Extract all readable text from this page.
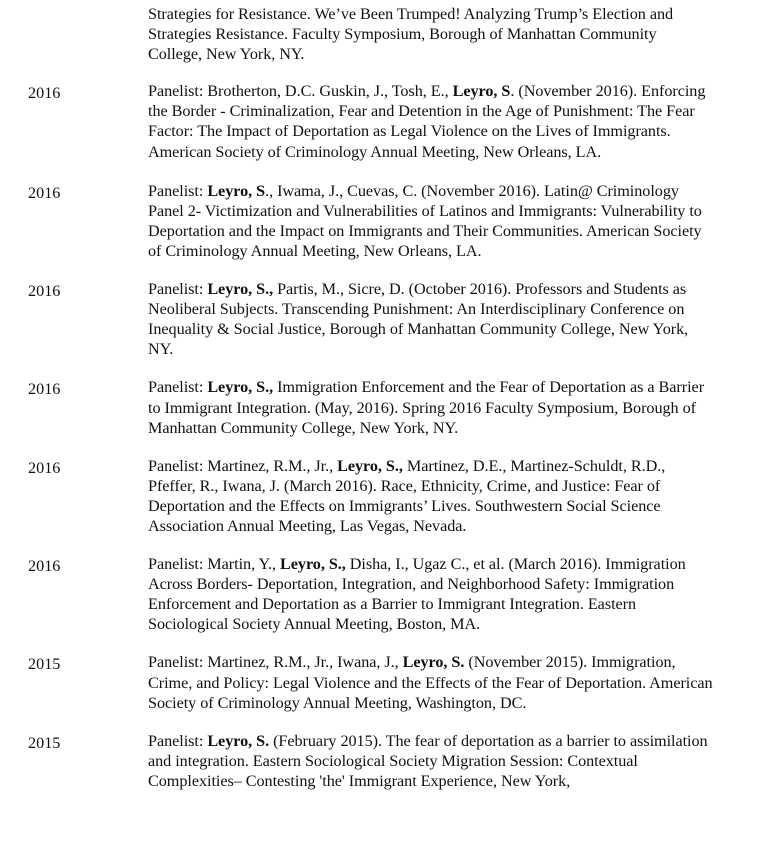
Strategies for Resistance. We’ve Been Trumped! Analyzing Trump’s Election and Strategies Resistance. Faculty Symposium, Borough of Manhattan Community College, New York, NY.
2016	Panelist: Brotherton, D.C. Guskin, J., Tosh, E., Leyro, S. (November 2016). Enforcing the Border - Criminalization, Fear and Detention in the Age of Punishment: The Fear Factor: The Impact of Deportation as Legal Violence on the Lives of Immigrants. American Society of Criminology Annual Meeting, New Orleans, LA.
2016	Panelist: Leyro, S., Iwama, J., Cuevas, C. (November 2016). Latin@ Criminology Panel 2- Victimization and Vulnerabilities of Latinos and Immigrants: Vulnerability to Deportation and the Impact on Immigrants and Their Communities. American Society of Criminology Annual Meeting, New Orleans, LA.
2016	Panelist: Leyro, S., Partis, M., Sicre, D. (October 2016). Professors and Students as Neoliberal Subjects. Transcending Punishment: An Interdisciplinary Conference on Inequality & Social Justice, Borough of Manhattan Community College, New York, NY.
2016	Panelist: Leyro, S., Immigration Enforcement and the Fear of Deportation as a Barrier to Immigrant Integration. (May, 2016). Spring 2016 Faculty Symposium, Borough of Manhattan Community College, New York, NY.
2016	Panelist: Martinez, R.M., Jr., Leyro, S., Martinez, D.E., Martinez-Schuldt, R.D., Pfeffer, R., Iwana, J. (March 2016). Race, Ethnicity, Crime, and Justice: Fear of Deportation and the Effects on Immigrants’ Lives. Southwestern Social Science Association Annual Meeting, Las Vegas, Nevada.
2016	Panelist: Martin, Y., Leyro, S., Disha, I., Ugaz C., et al. (March 2016). Immigration Across Borders- Deportation, Integration, and Neighborhood Safety: Immigration Enforcement and Deportation as a Barrier to Immigrant Integration. Eastern Sociological Society Annual Meeting, Boston, MA.
2015	Panelist: Martinez, R.M., Jr., Iwana, J., Leyro, S. (November 2015). Immigration, Crime, and Policy: Legal Violence and the Effects of the Fear of Deportation. American Society of Criminology Annual Meeting, Washington, DC.
2015	Panelist: Leyro, S. (February 2015). The fear of deportation as a barrier to assimilation and integration. Eastern Sociological Society Migration Session: Contextual Complexities– Contesting 'the' Immigrant Experience, New York,
